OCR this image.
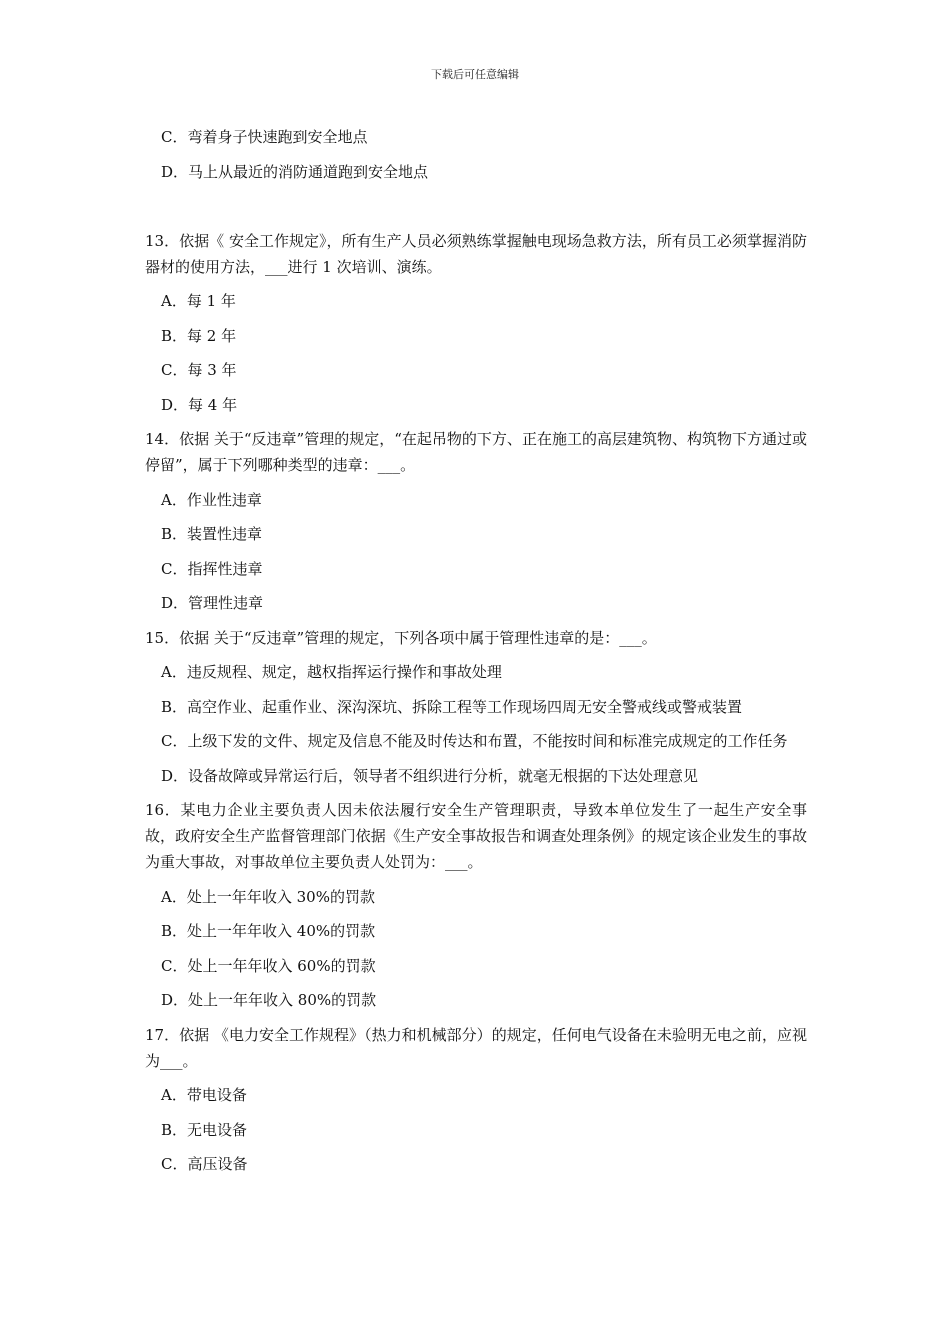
下载后可任意编辑

C．弯着身子快速跑到安全地点

D．马上从最近的消防通道跑到安全地点

13．依据《 安全工作规定》，所有生产人员必须熟练掌握触电现场急救方法，所有员工必须掌握消防器材的使用方法，___进行 1 次培训、演练。

A．每 1 年

B．每 2 年

C．每 3 年

D．每 4 年

14．依据 关于“反违章”管理的规定，“在起吊物的下方、正在施工的高层建筑物、构筑物下方通过或停留”，属于下列哪种类型的违章：___。

A．作业性违章

B．装置性违章

C．指挥性违章

D．管理性违章

15．依据 关于“反违章”管理的规定，下列各项中属于管理性违章的是：___。

A．违反规程、规定，越权指挥运行操作和事故处理

B．高空作业、起重作业、深沟深坑、拆除工程等工作现场四周无安全警戒线或警戒装置

C．上级下发的文件、规定及信息不能及时传达和布置，不能按时间和标准完成规定的工作任务

D．设备故障或异常运行后，领导者不组织进行分析，就毫无根据的下达处理意见

16．某电力企业主要负责人因未依法履行安全生产管理职责，导致本单位发生了一起生产安全事故，政府安全生产监督管理部门依据《生产安全事故报告和调查处理条例》的规定该企业发生的事故为重大事故，对事故单位主要负责人处罚为：___。

A．处上一年年收入 30%的罚款

B．处上一年年收入 40%的罚款

C．处上一年年收入 60%的罚款

D．处上一年年收入 80%的罚款

17．依据 《电力安全工作规程》（热力和机械部分）的规定，任何电气设备在未验明无电之前，应视为___。

A．带电设备

B．无电设备

C．高压设备
